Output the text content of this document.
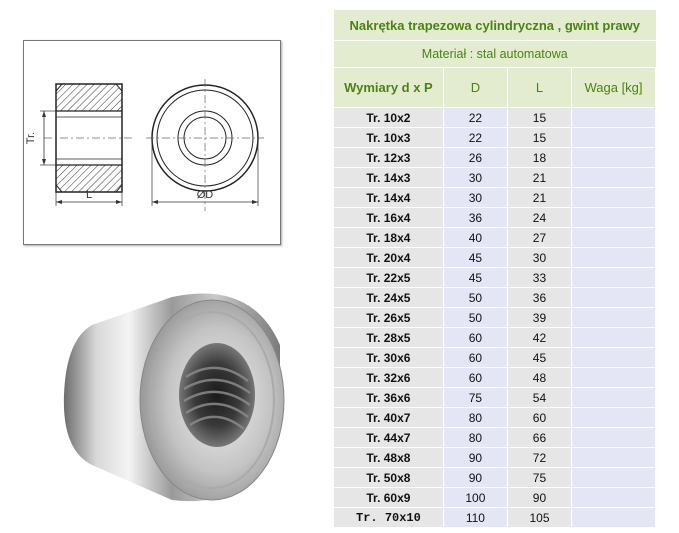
Tr.
L	ØD
Nakrętka trapezowa cylindryczna , gwint prawy			
Materiał : stal automatowa			
Wymiary d x P	D	L	Waga [kg]
Tr. 10x2	22	15	
Tr. 10x3	22	15	
Tr. 12x3	26	18	
Tr. 14x3	30	21	
Tr. 14x4	30	21	
Tr. 16x4	36	24	
Tr. 18x4	40	27	
Tr. 20x4	45	30	
Tr. 22x5	45	33	
Tr. 24x5	50	36	
Tr. 26x5	50	39	
Tr. 28x5	60	42	
Tr. 30x6	60	45	
Tr. 32x6	60	48	
Tr. 36x6	75	54	
Tr. 40x7	80	60	
Tr. 44x7	80	66	
Tr. 48x8	90	72	
Tr. 50x8	90	75	
Tr. 60x9	100	90	
Tr. 70x10	110	105	
